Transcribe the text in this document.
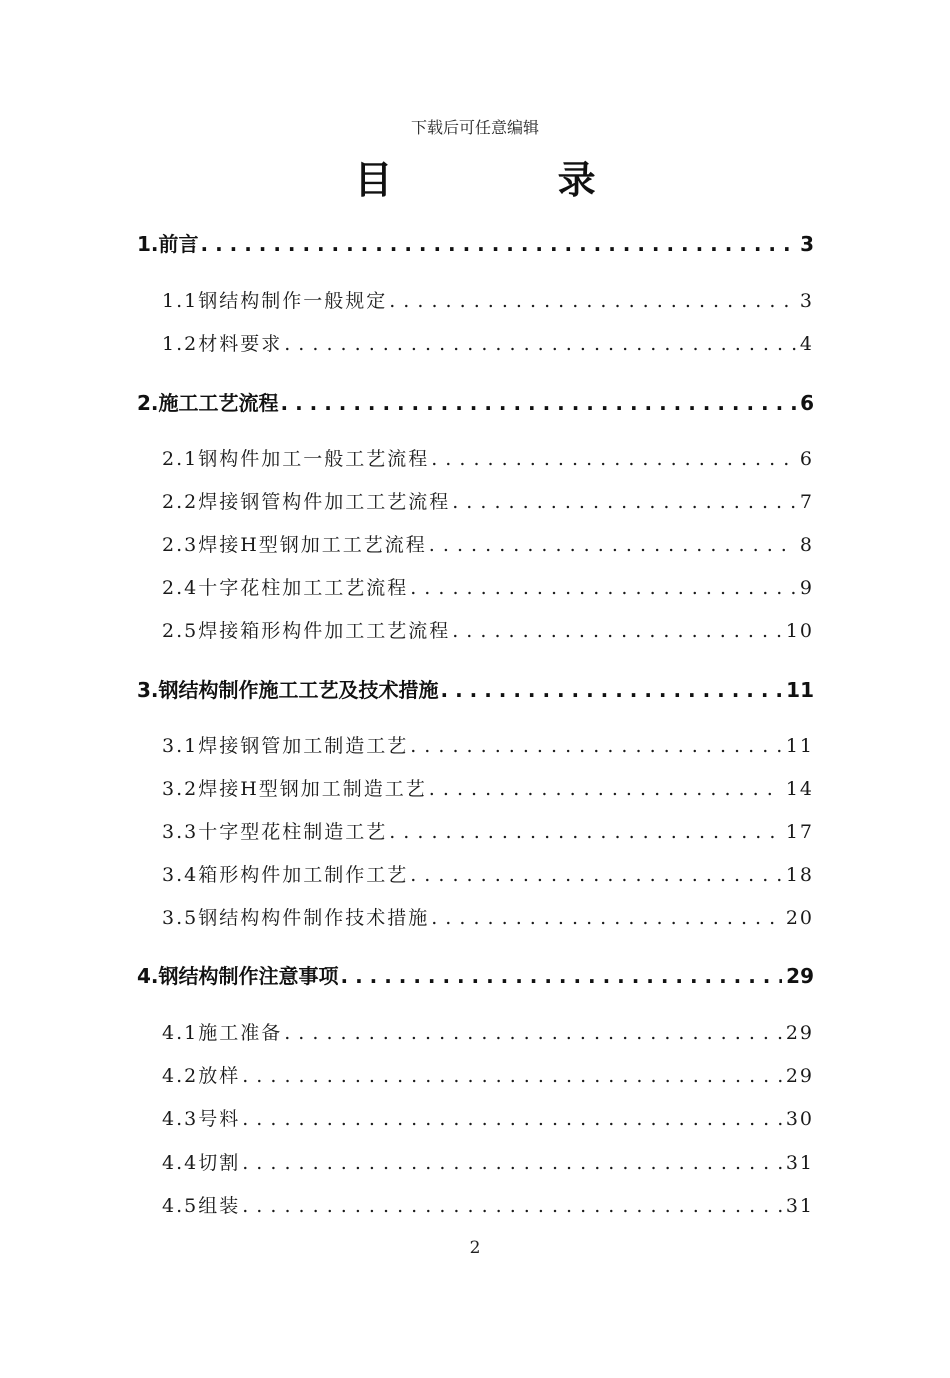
下载后可任意编辑
目 录
1.前言 . . .	3
1.1钢结构制作一般规定 . . .	3
1.2材料要求 . . .	4
2.施工工艺流程 . . .	6
2.1钢构件加工一般工艺流程 . . .	6
2.2焊接钢管构件加工工艺流程 . . .	7
2.3焊接H型钢加工工艺流程 . . .	8
2.4十字花柱加工工艺流程 . . .	9
2.5焊接箱形构件加工工艺流程 . . .	10
3.钢结构制作施工工艺及技术措施 . . .	11
3.1焊接钢管加工制造工艺 . . .	11
3.2焊接H型钢加工制造工艺 . . .	14
3.3十字型花柱制造工艺 . . .	17
3.4箱形构件加工制作工艺 . . .	18
3.5钢结构构件制作技术措施 . . .	20
4.钢结构制作注意事项 . . .	29
4.1施工准备 . . .	29
4.2放样 . . .	29
4.3号料 . . .	30
4.4切割 . . .	31
4.5组装 . . .	31
2
